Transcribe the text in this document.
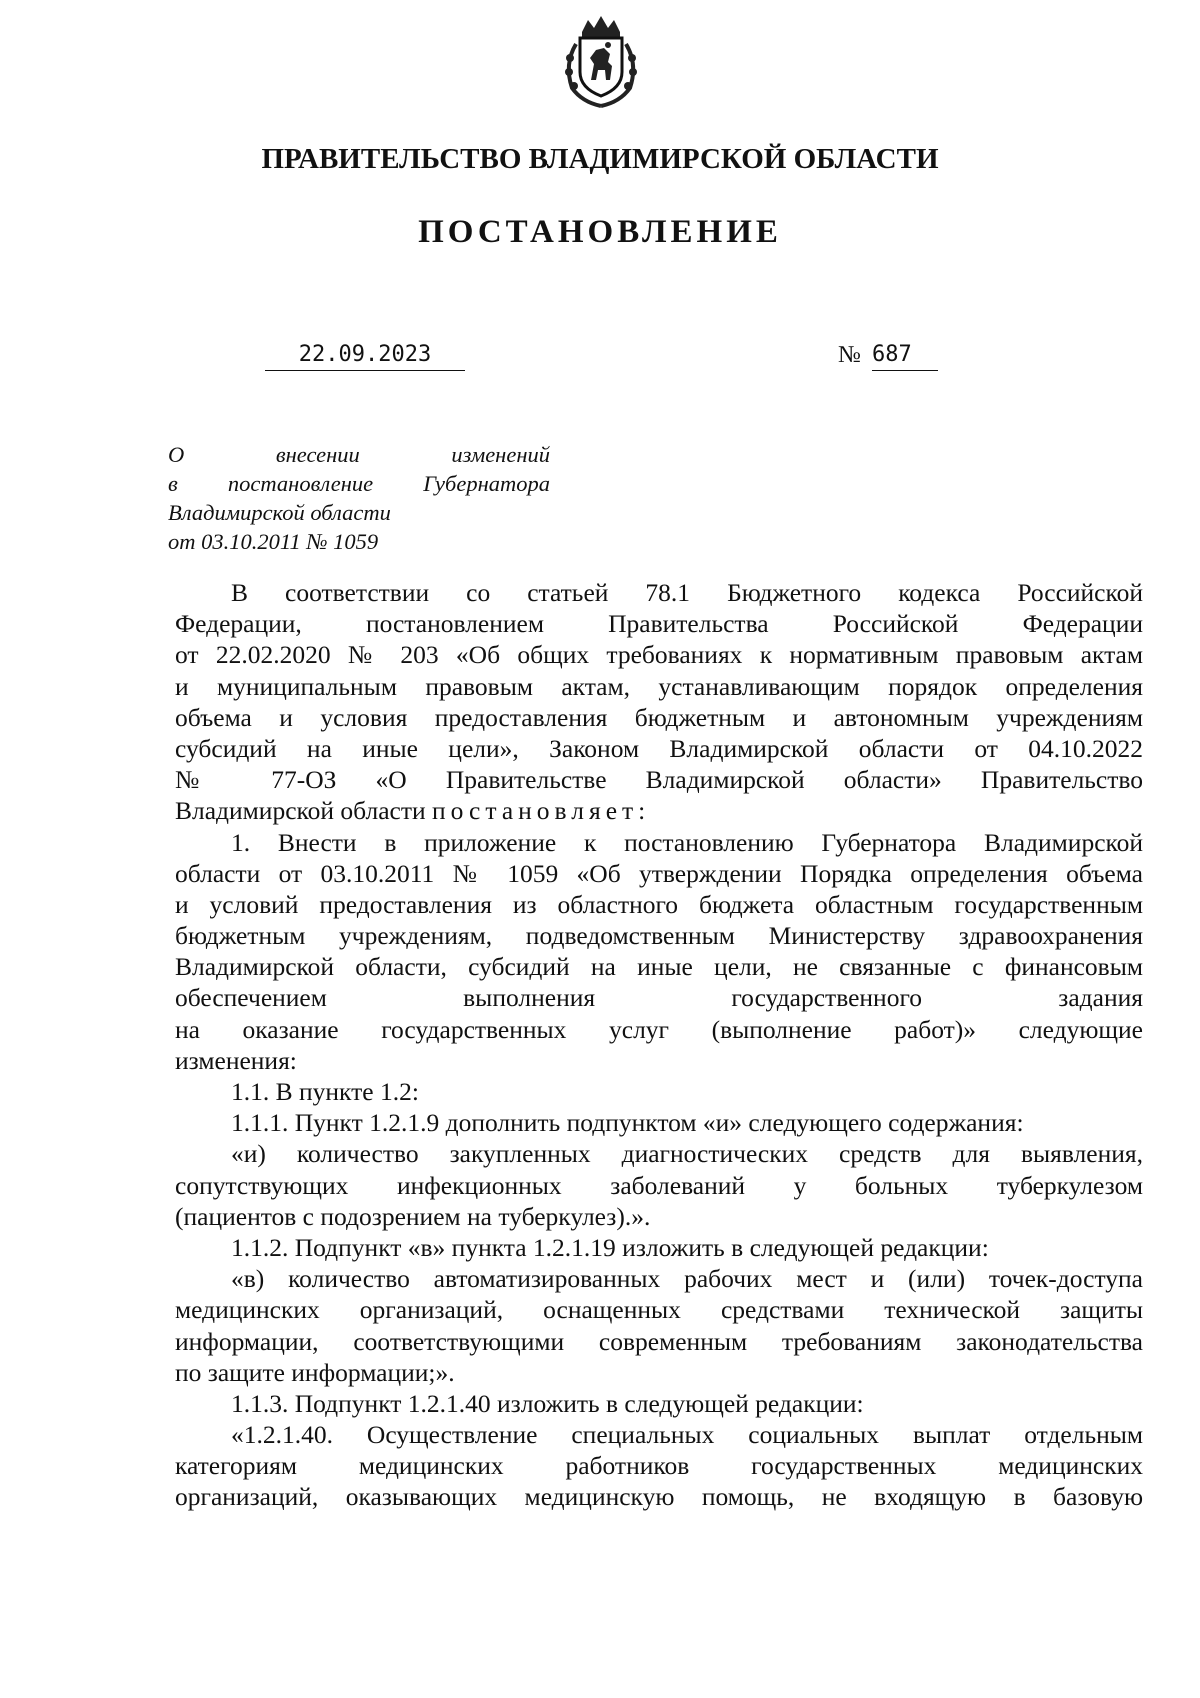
ПРАВИТЕЛЬСТВО ВЛАДИМИРСКОЙ ОБЛАСТИ
ПОСТАНОВЛЕНИЕ
22.09.2023	№ 687
О внесении изменений
в постановление Губернатора
Владимирской области
от 03.10.2011 № 1059
В соответствии со статьей 78.1 Бюджетного кодекса Российской
Федерации, постановлением Правительства Российской Федерации
от 22.02.2020 № 203 «Об общих требованиях к нормативным правовым актам
и муниципальным правовым актам, устанавливающим порядок определения
объема и условия предоставления бюджетным и автономным учреждениям
субсидий на иные цели», Законом Владимирской области от 04.10.2022
№ 77-ОЗ «О Правительстве Владимирской области» Правительство
Владимирской области постановляет:
1. Внести в приложение к постановлению Губернатора Владимирской
области от 03.10.2011 № 1059 «Об утверждении Порядка определения объема
и условий предоставления из областного бюджета областным государственным
бюджетным учреждениям, подведомственным Министерству здравоохранения
Владимирской области, субсидий на иные цели, не связанные с финансовым
обеспечением выполнения государственного задания
на оказание государственных услуг (выполнение работ)» следующие
изменения:
1.1. В пункте 1.2:
1.1.1. Пункт 1.2.1.9 дополнить подпунктом «и» следующего содержания:
«и) количество закупленных диагностических средств для выявления,
сопутствующих инфекционных заболеваний у больных туберкулезом
(пациентов с подозрением на туберкулез).».
1.1.2. Подпункт «в» пункта 1.2.1.19 изложить в следующей редакции:
«в) количество автоматизированных рабочих мест и (или) точек-доступа
медицинских организаций, оснащенных средствами технической защиты
информации, соответствующими современным требованиям законодательства
по защите информации;».
1.1.3. Подпункт 1.2.1.40 изложить в следующей редакции:
«1.2.1.40. Осуществление специальных социальных выплат отдельным
категориям медицинских работников государственных медицинских
организаций, оказывающих медицинскую помощь, не входящую в базовую
